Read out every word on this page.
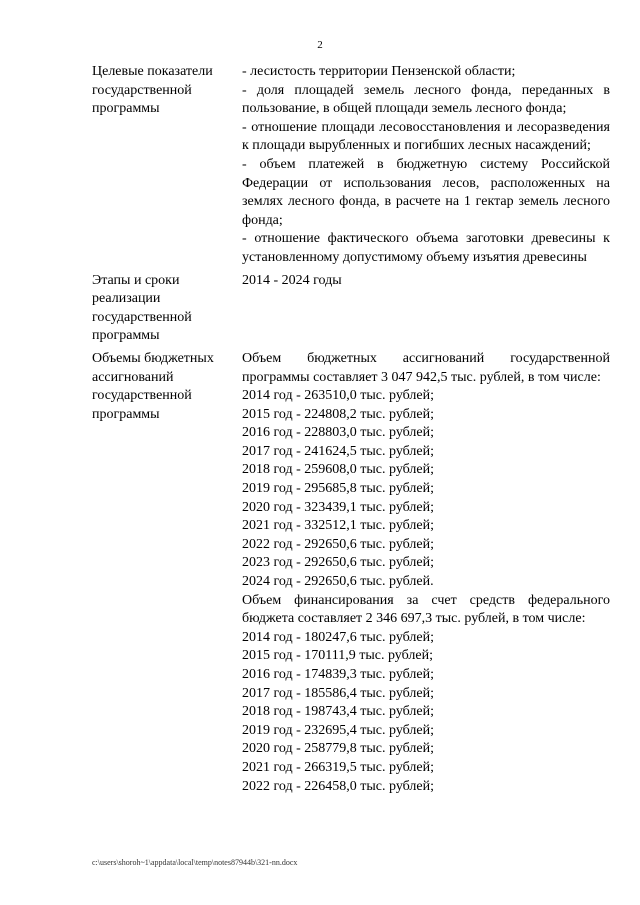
2
Целевые показатели государственной программы
- лесистость территории Пензенской области;
- доля площадей земель лесного фонда, переданных в пользование, в общей площади земель лесного фонда;
- отношение площади лесовосстановления и лесоразведения к площади вырубленных и погибших лесных насаждений;
- объем платежей в бюджетную систему Российской Федерации от использования лесов, расположенных на землях лесного фонда, в расчете на 1 гектар земель лесного фонда;
- отношение фактического объема заготовки древесины к установленному допустимому объему изъятия древесины
Этапы и сроки реализации государственной программы
2014 - 2024 годы
Объемы бюджетных ассигнований государственной программы
Объем бюджетных ассигнований государственной программы составляет 3 047 942,5 тыс. рублей, в том числе:
2014 год - 263510,0 тыс. рублей;
2015 год - 224808,2 тыс. рублей;
2016 год - 228803,0 тыс. рублей;
2017 год - 241624,5 тыс. рублей;
2018 год - 259608,0 тыс. рублей;
2019 год - 295685,8 тыс. рублей;
2020 год - 323439,1 тыс. рублей;
2021 год - 332512,1 тыс. рублей;
2022 год - 292650,6 тыс. рублей;
2023 год - 292650,6 тыс. рублей;
2024 год - 292650,6 тыс. рублей.
Объем финансирования за счет средств федерального бюджета составляет 2 346 697,3 тыс. рублей, в том числе:
2014 год - 180247,6 тыс. рублей;
2015 год - 170111,9 тыс. рублей;
2016 год - 174839,3 тыс. рублей;
2017 год - 185586,4 тыс. рублей;
2018 год - 198743,4 тыс. рублей;
2019 год - 232695,4 тыс. рублей;
2020 год - 258779,8 тыс. рублей;
2021 год - 266319,5 тыс. рублей;
2022 год - 226458,0 тыс. рублей;
c:\users\shoroh~1\appdata\local\temp\notes87944b\321-nn.docx
